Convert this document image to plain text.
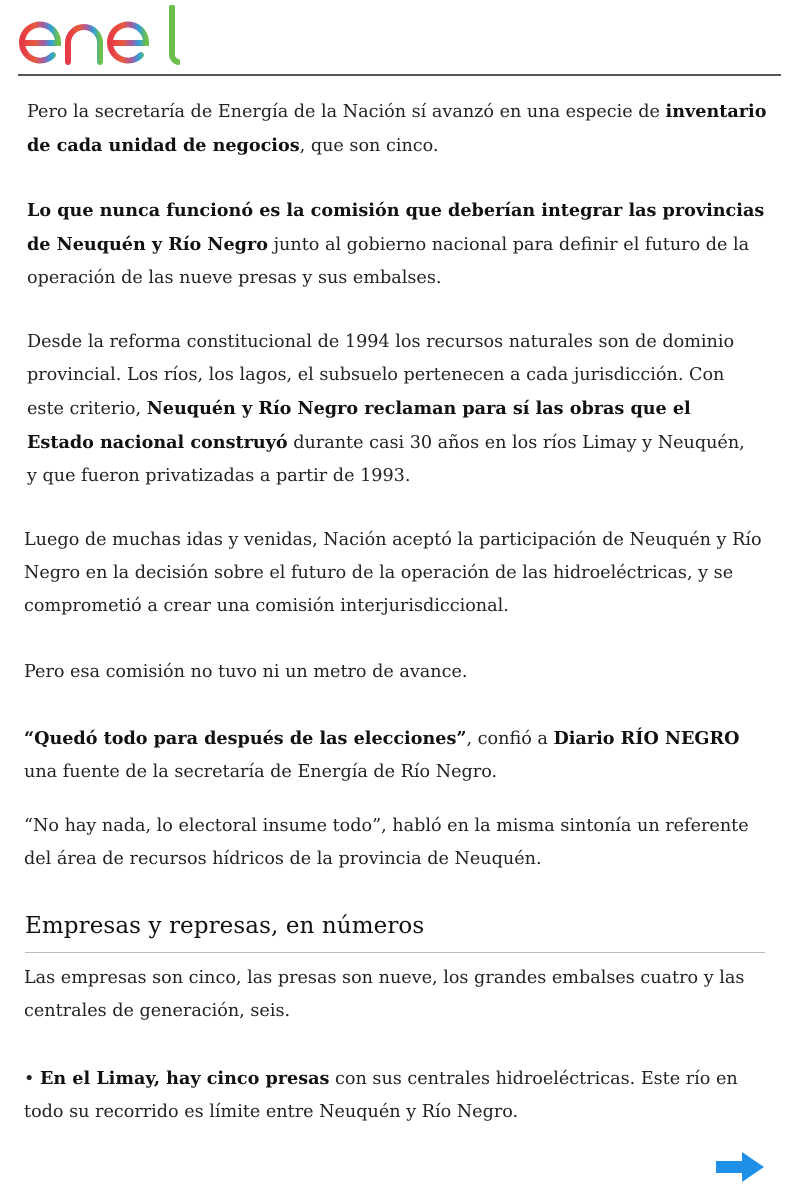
Pero la secretaría de Energía de la Nación sí avanzó en una especie de inventario de cada unidad de negocios, que son cinco.

Lo que nunca funcionó es la comisión que deberían integrar las provincias de Neuquén y Río Negro junto al gobierno nacional para definir el futuro de la operación de las nueve presas y sus embalses.

Desde la reforma constitucional de 1994 los recursos naturales son de dominio provincial. Los ríos, los lagos, el subsuelo pertenecen a cada jurisdicción. Con este criterio, Neuquén y Río Negro reclaman para sí las obras que el Estado nacional construyó durante casi 30 años en los ríos Limay y Neuquén, y que fueron privatizadas a partir de 1993.

Luego de muchas idas y venidas, Nación aceptó la participación de Neuquén y Río Negro en la decisión sobre el futuro de la operación de las hidroeléctricas, y se comprometió a crear una comisión interjurisdiccional.

Pero esa comisión no tuvo ni un metro de avance.

“Quedó todo para después de las elecciones”, confió a Diario RÍO NEGRO una fuente de la secretaría de Energía de Río Negro.

“No hay nada, lo electoral insume todo”, habló en la misma sintonía un referente del área de recursos hídricos de la provincia de Neuquén.

Empresas y represas, en números

Las empresas son cinco, las presas son nueve, los grandes embalses cuatro y las centrales de generación, seis.

• En el Limay, hay cinco presas con sus centrales hidroeléctricas. Este río en todo su recorrido es límite entre Neuquén y Río Negro.
